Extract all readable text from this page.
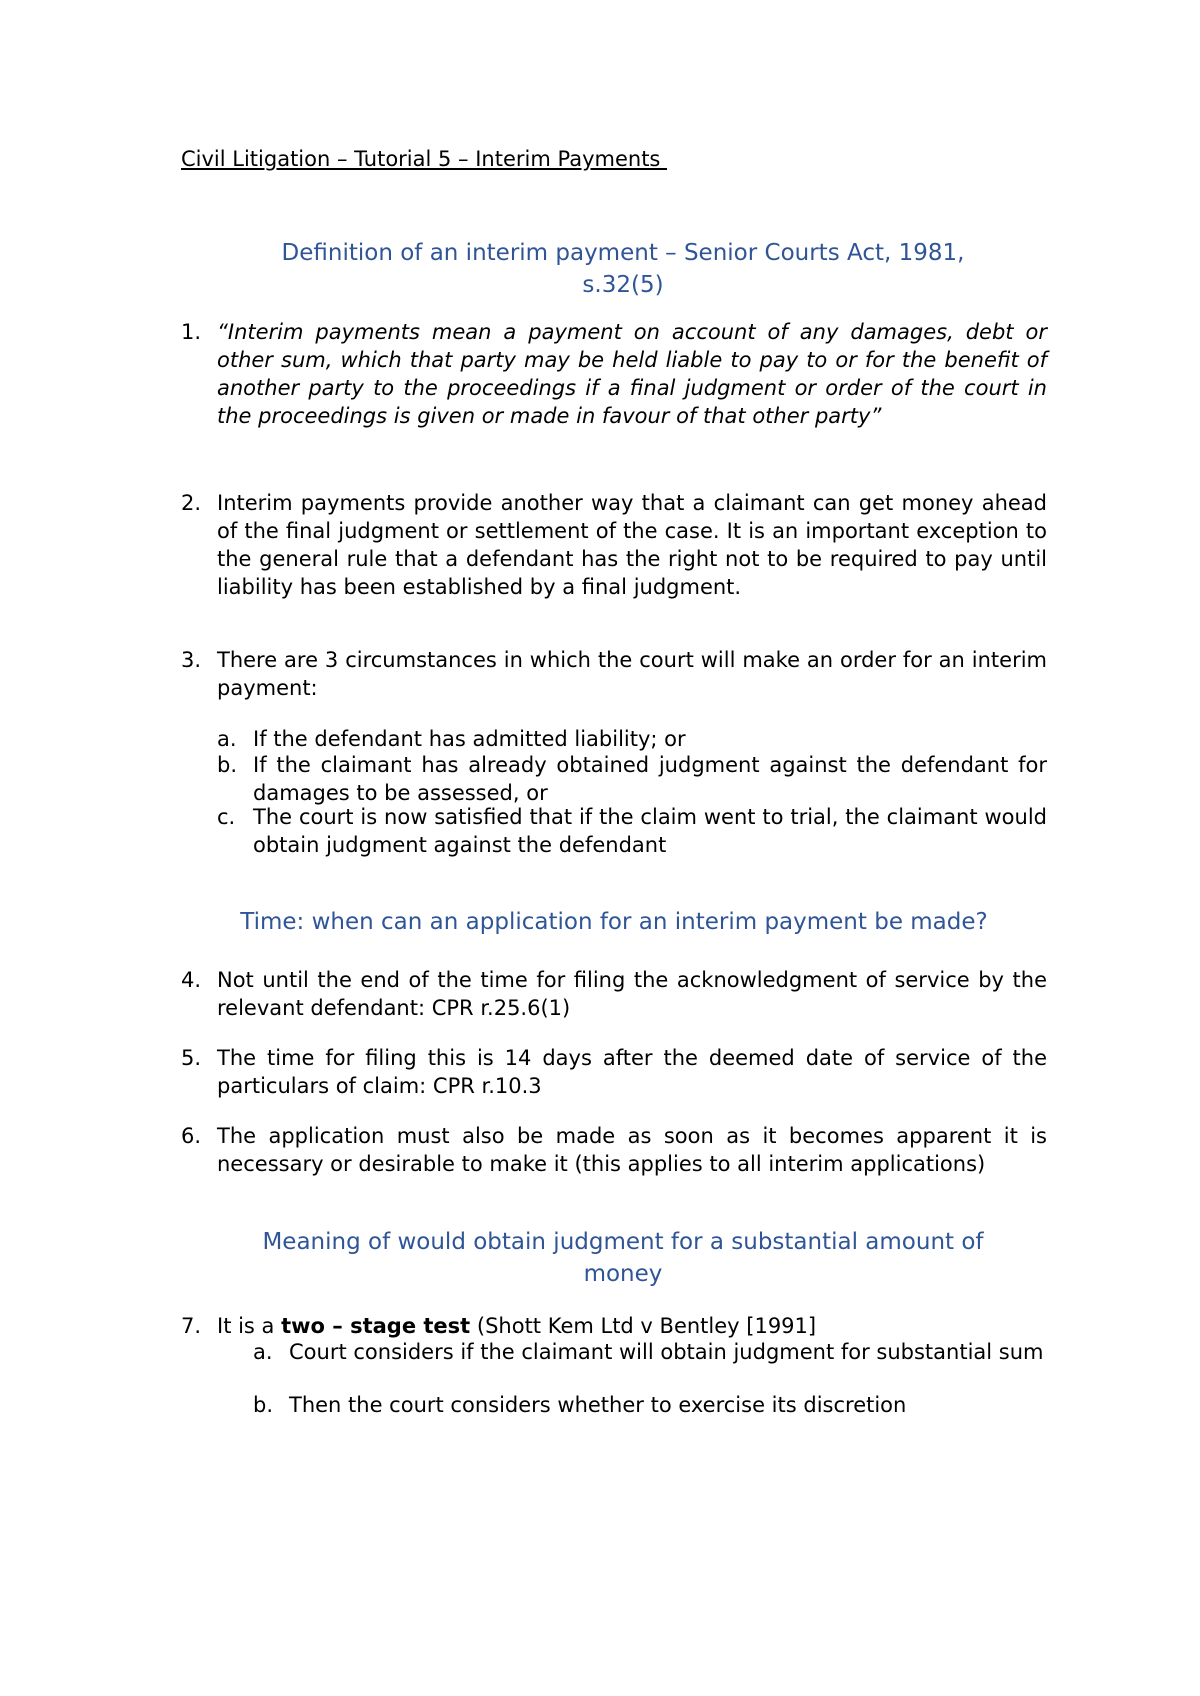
Civil Litigation – Tutorial 5 – Interim Payments
Definition of an interim payment – Senior Courts Act, 1981,
s.32(5)
1. “Interim payments mean a payment on account of any damages, debt or other sum, which that party may be held liable to pay to or for the benefit of another party to the proceedings if a final judgment or order of the court in the proceedings is given or made in favour of that other party”
2. Interim payments provide another way that a claimant can get money ahead of the final judgment or settlement of the case. It is an important exception to the general rule that a defendant has the right not to be required to pay until liability has been established by a final judgment.
3. There are 3 circumstances in which the court will make an order for an interim payment:
a. If the defendant has admitted liability; or
b. If the claimant has already obtained judgment against the defendant for damages to be assessed, or
c. The court is now satisfied that if the claim went to trial, the claimant would obtain judgment against the defendant
Time: when can an application for an interim payment be made?
4. Not until the end of the time for filing the acknowledgment of service by the relevant defendant: CPR r.25.6(1)
5. The time for filing this is 14 days after the deemed date of service of the particulars of claim: CPR r.10.3
6. The application must also be made as soon as it becomes apparent it is necessary or desirable to make it (this applies to all interim applications)
Meaning of would obtain judgment for a substantial amount of
money
7. It is a two – stage test (Shott Kem Ltd v Bentley [1991]
a. Court considers if the claimant will obtain judgment for substantial sum
b. Then the court considers whether to exercise its discretion
